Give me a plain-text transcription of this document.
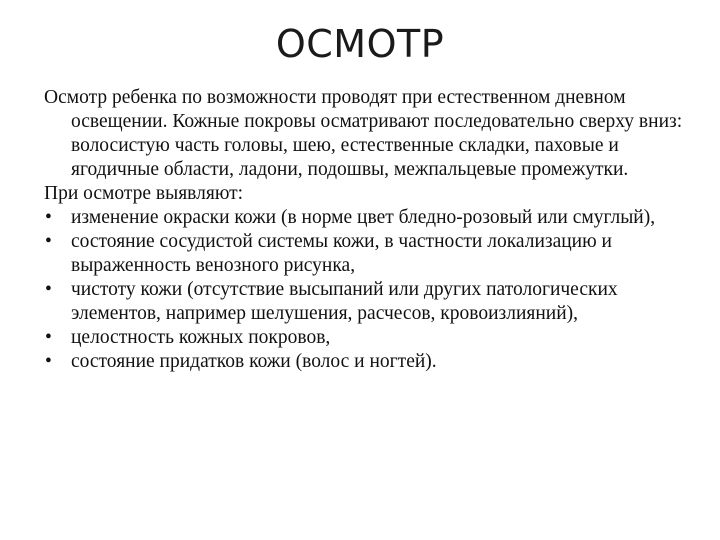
ОСМОТР

Осмотр ребенка по возможности проводят при естественном дневном освещении. Кожные покровы осматривают последовательно сверху вниз: волосистую часть головы, шею, естественные складки, паховые и ягодичные области, ладони, подошвы, межпальцевые промежутки.

При осмотре выявляют:

• изменение окраски кожи (в норме цвет бледно-розовый или смуглый),
• состояние сосудистой системы кожи, в частности локализацию и выраженность венозного рисунка,
• чистоту кожи (отсутствие высыпаний или других патологических элементов, например шелушения, расчесов, кровоизлияний),
• целостность кожных покровов,
• состояние придатков кожи (волос и ногтей).
